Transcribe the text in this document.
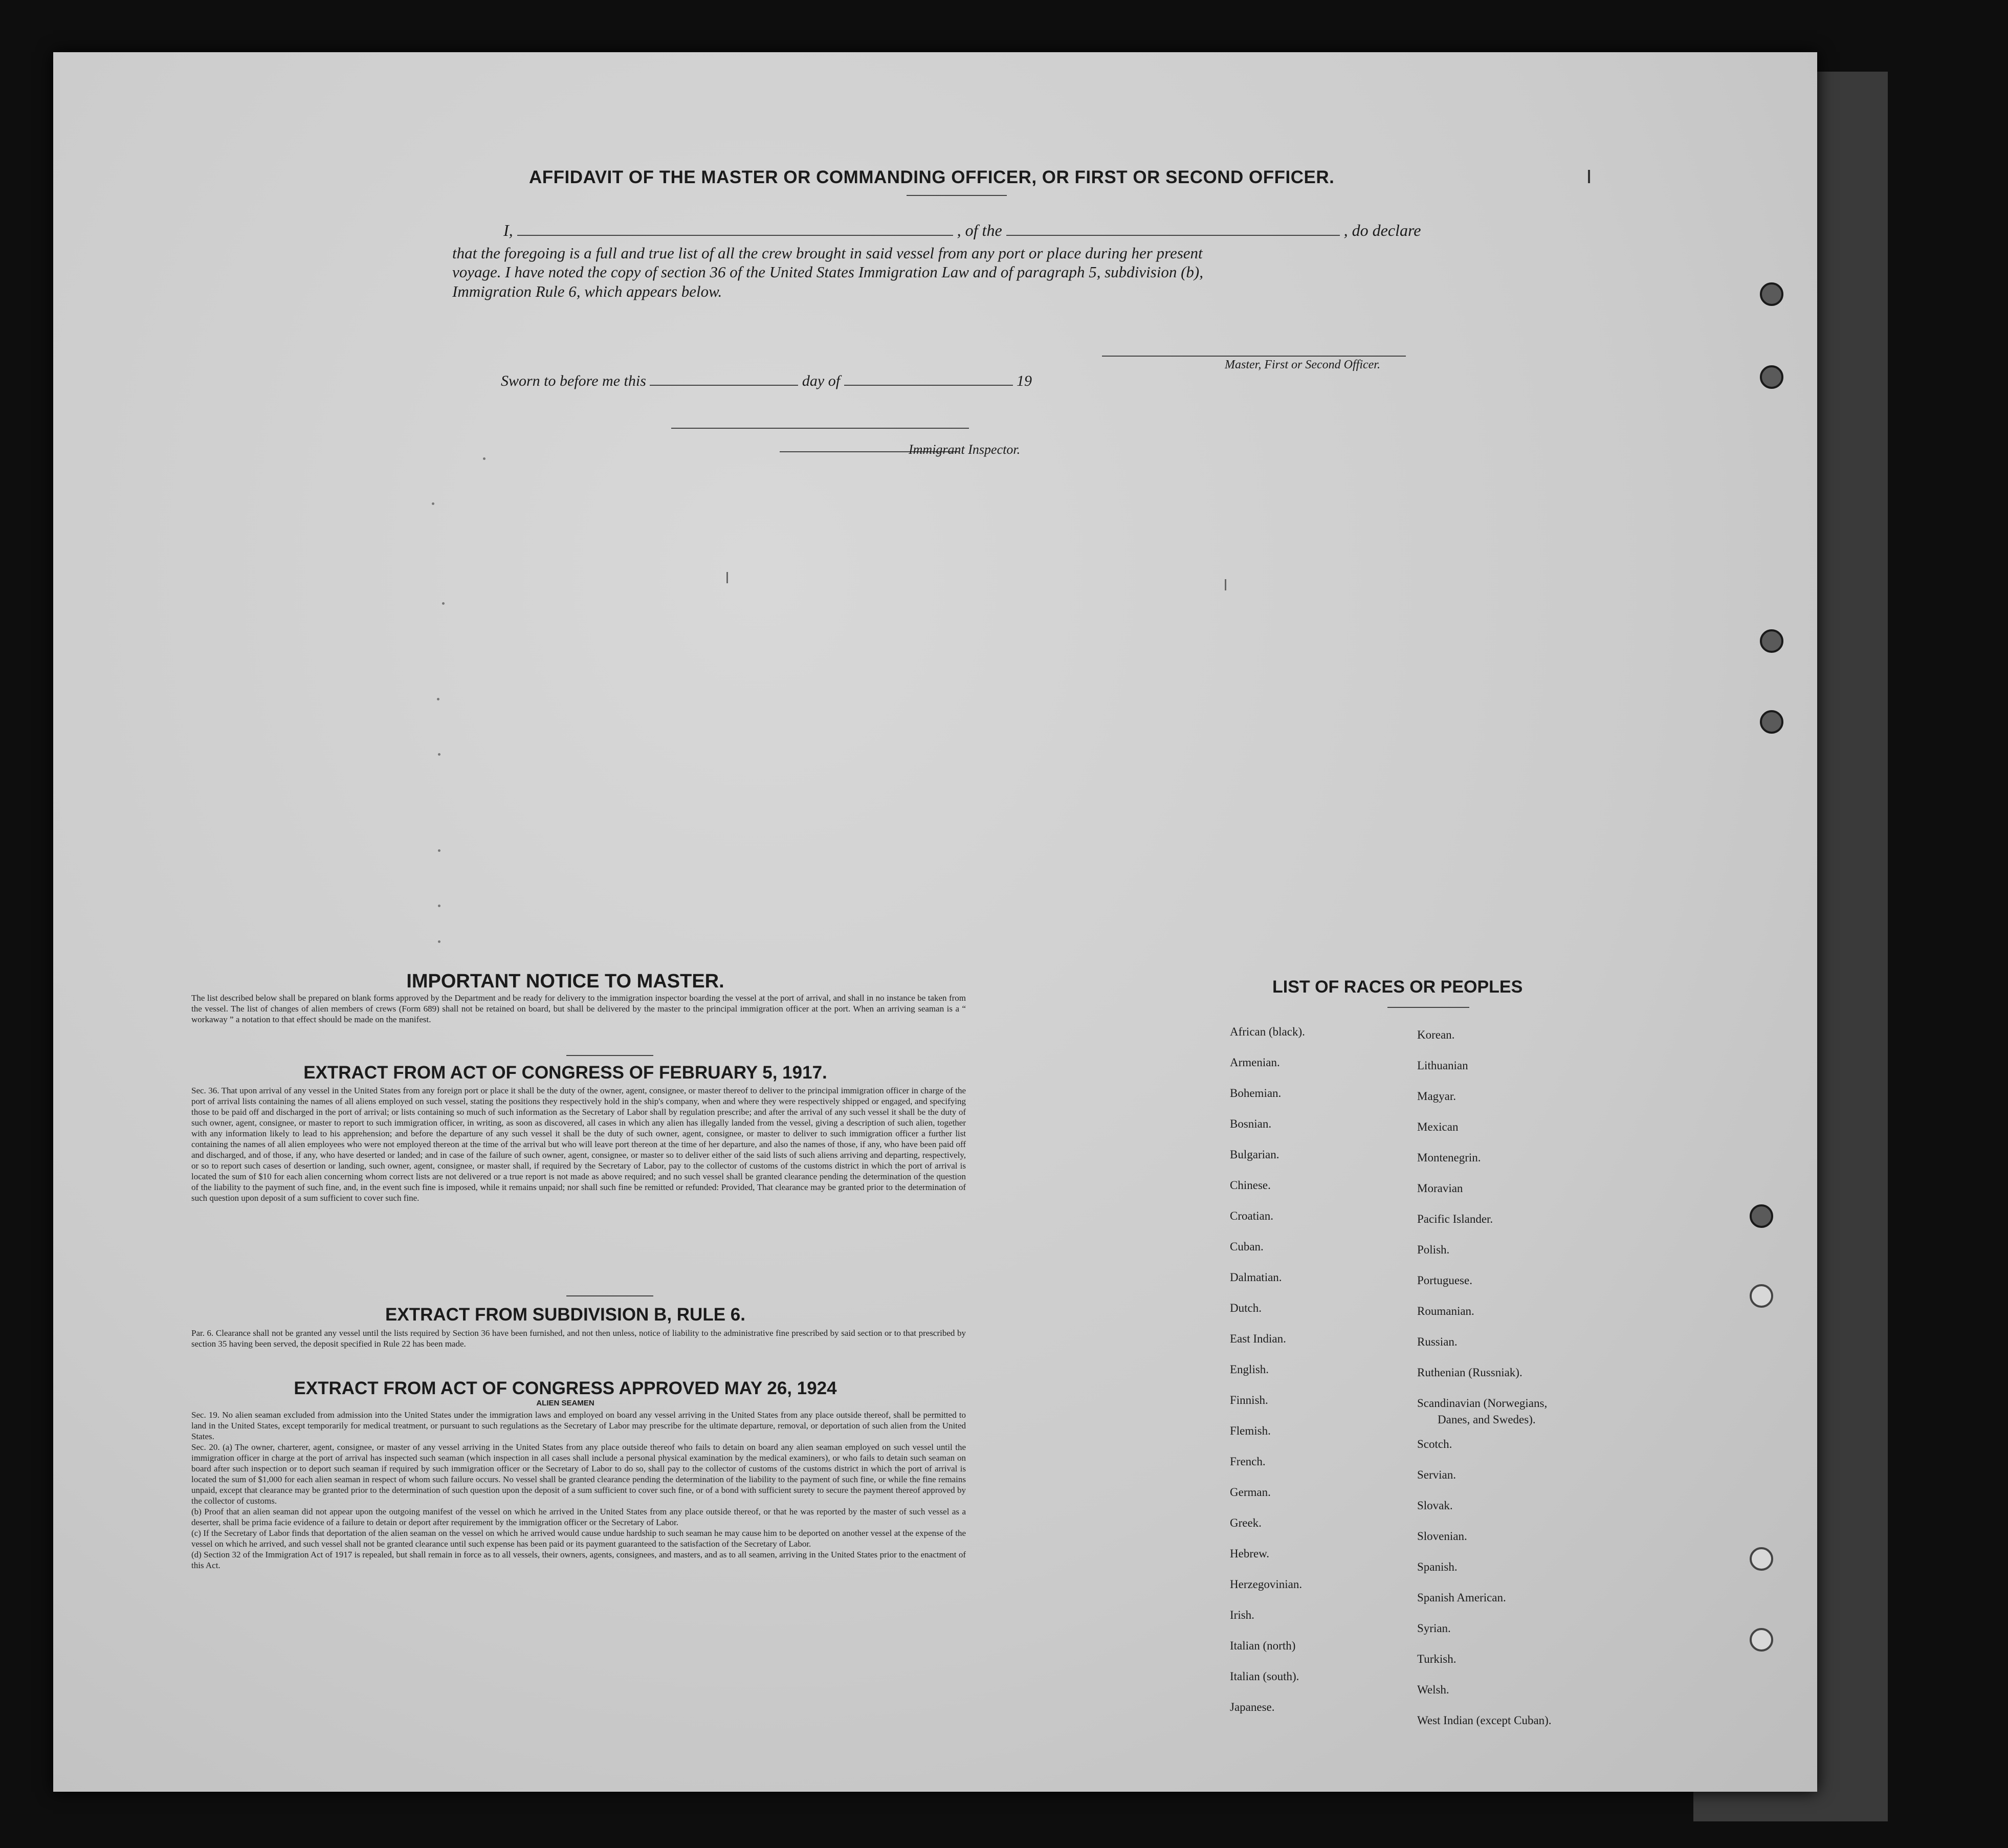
AFFIDAVIT OF THE MASTER OR COMMANDING OFFICER, OR FIRST OR SECOND OFFICER.
I,	, of the	, do declare
that the foregoing is a full and true list of all the crew brought in said vessel from any port or place during her present
voyage. I have noted the copy of section 36 of the United States Immigration Law and of paragraph 5, subdivision (b),
Immigration Rule 6, which appears below.
Master, First or Second Officer.
Sworn to before me this	day of	19
Immigrant Inspector.
IMPORTANT NOTICE TO MASTER.
The list described below shall be prepared on blank forms approved by the Department and be ready for delivery to the immigration inspector boarding the vessel at the port of arrival, and shall in no instance be taken from the vessel. The list of changes of alien members of crews (Form 689) shall not be retained on board, but shall be delivered by the master to the principal immigration officer at the port. When an arriving seaman is a “ workaway ” a notation to that effect should be made on the manifest.
EXTRACT FROM ACT OF CONGRESS OF FEBRUARY 5, 1917.
Sec. 36. That upon arrival of any vessel in the United States from any foreign port or place it shall be the duty of the owner, agent, consignee, or master thereof to deliver to the principal immigration officer in charge of the port of arrival lists containing the names of all aliens employed on such vessel, stating the positions they respectively hold in the ship's company, when and where they were respectively shipped or engaged, and specifying those to be paid off and discharged in the port of arrival; or lists containing so much of such information as the Secretary of Labor shall by regulation prescribe; and after the arrival of any such vessel it shall be the duty of such owner, agent, consignee, or master to report to such immigration officer, in writing, as soon as discovered, all cases in which any alien has illegally landed from the vessel, giving a description of such alien, together with any information likely to lead to his apprehension; and before the departure of any such vessel it shall be the duty of such owner, agent, consignee, or master to deliver to such immigration officer a further list containing the names of all alien employees who were not employed thereon at the time of the arrival but who will leave port thereon at the time of her departure, and also the names of those, if any, who have been paid off and discharged, and of those, if any, who have deserted or landed; and in case of the failure of such owner, agent, consignee, or master so to deliver either of the said lists of such aliens arriving and departing, respectively, or so to report such cases of desertion or landing, such owner, agent, consignee, or master shall, if required by the Secretary of Labor, pay to the collector of customs of the customs district in which the port of arrival is located the sum of $10 for each alien concerning whom correct lists are not delivered or a true report is not made as above required; and no such vessel shall be granted clearance pending the determination of the question of the liability to the payment of such fine, and, in the event such fine is imposed, while it remains unpaid; nor shall such fine be remitted or refunded: Provided, That clearance may be granted prior to the determination of such question upon deposit of a sum sufficient to cover such fine.
EXTRACT FROM SUBDIVISION B, RULE 6.
Par. 6. Clearance shall not be granted any vessel until the lists required by Section 36 have been furnished, and not then unless, notice of liability to the administrative fine prescribed by said section or to that prescribed by section 35 having been served, the deposit specified in Rule 22 has been made.
EXTRACT FROM ACT OF CONGRESS APPROVED MAY 26, 1924
ALIEN SEAMEN
Sec. 19. No alien seaman excluded from admission into the United States under the immigration laws and employed on board any vessel arriving in the United States from any place outside thereof, shall be permitted to land in the United States, except temporarily for medical treatment, or pursuant to such regulations as the Secretary of Labor may prescribe for the ultimate departure, removal, or deportation of such alien from the United States.
Sec. 20. (a) The owner, charterer, agent, consignee, or master of any vessel arriving in the United States from any place outside thereof who fails to detain on board any alien seaman employed on such vessel until the immigration officer in charge at the port of arrival has inspected such seaman (which inspection in all cases shall include a personal physical examination by the medical examiners), or who fails to detain such seaman on board after such inspection or to deport such seaman if required by such immigration officer or the Secretary of Labor to do so, shall pay to the collector of customs of the customs district in which the port of arrival is located the sum of $1,000 for each alien seaman in respect of whom such failure occurs. No vessel shall be granted clearance pending the determination of the liability to the payment of such fine, or while the fine remains unpaid, except that clearance may be granted prior to the determination of such question upon the deposit of a sum sufficient to cover such fine, or of a bond with sufficient surety to secure the payment thereof approved by the collector of customs.
(b) Proof that an alien seaman did not appear upon the outgoing manifest of the vessel on which he arrived in the United States from any place outside thereof, or that he was reported by the master of such vessel as a deserter, shall be prima facie evidence of a failure to detain or deport after requirement by the immigration officer or the Secretary of Labor.
(c) If the Secretary of Labor finds that deportation of the alien seaman on the vessel on which he arrived would cause undue hardship to such seaman he may cause him to be deported on another vessel at the expense of the vessel on which he arrived, and such vessel shall not be granted clearance until such expense has been paid or its payment guaranteed to the satisfaction of the Secretary of Labor.
(d) Section 32 of the Immigration Act of 1917 is repealed, but shall remain in force as to all vessels, their owners, agents, consignees, and masters, and as to all seamen, arriving in the United States prior to the enactment of this Act.
LIST OF RACES OR PEOPLES
African (black).
Armenian.
Bohemian.
Bosnian.
Bulgarian.
Chinese.
Croatian.
Cuban.
Dalmatian.
Dutch.
East Indian.
English.
Finnish.
Flemish.
French.
German.
Greek.
Hebrew.
Herzegovinian.
Irish.
Italian (north)
Italian (south).
Japanese.
Korean.
Lithuanian
Magyar.
Mexican
Montenegrin.
Moravian
Pacific Islander.
Polish.
Portuguese.
Roumanian.
Russian.
Ruthenian (Russniak).
Scandinavian (Norwegians,
Danes, and Swedes).
Scotch.
Servian.
Slovak.
Slovenian.
Spanish.
Spanish American.
Syrian.
Turkish.
Welsh.
West Indian (except Cuban).
